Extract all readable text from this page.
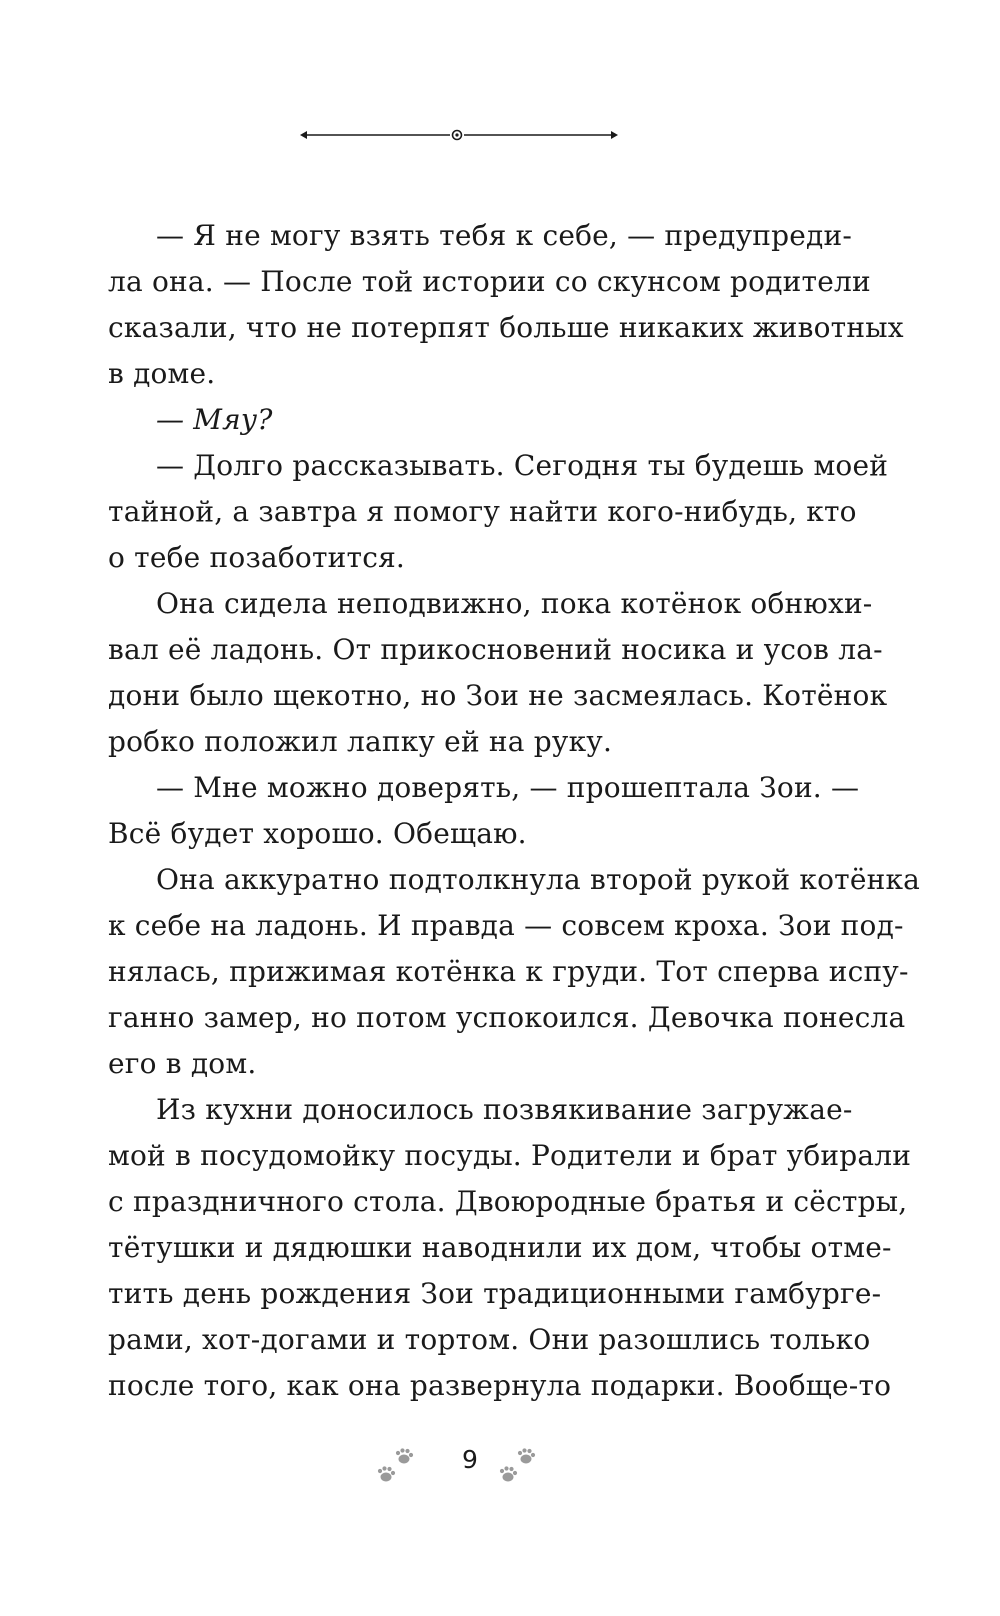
— Я не могу взять тебя к себе, — предупреди-
ла она. — После той истории со скунсом родители
сказали, что не потерпят больше никаких животных
в доме.
— Мяу?
— Долго рассказывать. Сегодня ты будешь моей
тайной, а завтра я помогу найти кого-нибудь, кто
о тебе позаботится.
Она сидела неподвижно, пока котёнок обнюхи-
вал её ладонь. От прикосновений носика и усов ла-
дони было щекотно, но Зои не засмеялась. Котёнок
робко положил лапку ей на руку.
— Мне можно доверять, — прошептала Зои. —
Всё будет хорошо. Обещаю.
Она аккуратно подтолкнула второй рукой котёнка
к себе на ладонь. И правда — совсем кроха. Зои под-
нялась, прижимая котёнка к груди. Тот сперва испу-
ганно замер, но потом успокоился. Девочка понесла
его в дом.
Из кухни доносилось позвякивание загружае-
мой в посудомойку посуды. Родители и брат убирали
с праздничного стола. Двоюродные братья и сёстры,
тётушки и дядюшки наводнили их дом, чтобы отме-
тить день рождения Зои традиционными гамбурге-
рами, хот-догами и тортом. Они разошлись только
после того, как она развернула подарки. Вообще-то
9
